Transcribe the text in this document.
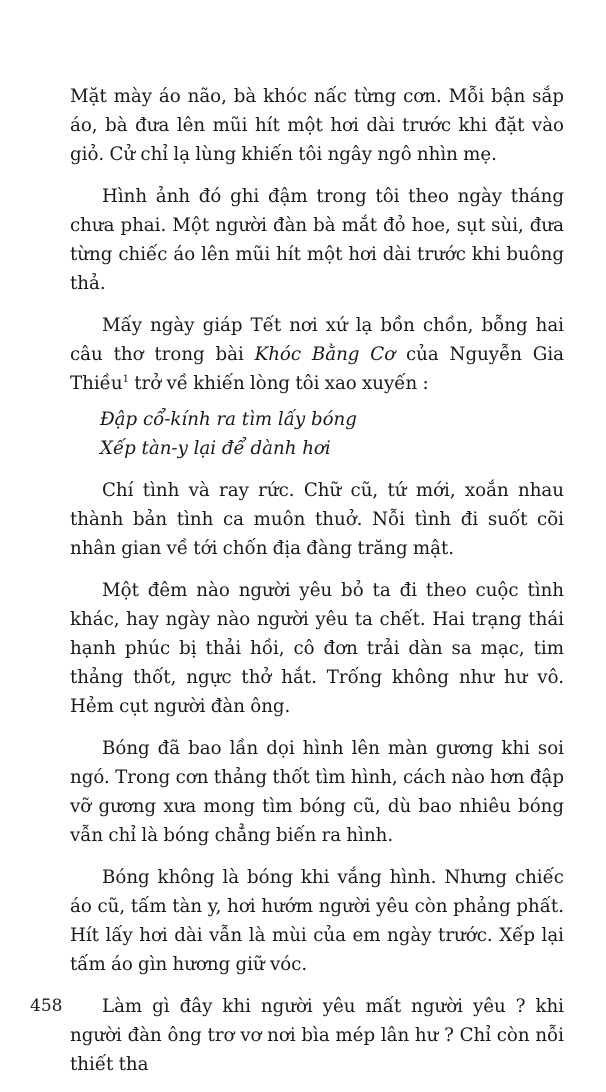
Mặt mày áo não, bà khóc nấc từng cơn. Mỗi bận sắp áo, bà đưa lên mũi hít một hơi dài trước khi đặt vào giỏ. Cử chỉ lạ lùng khiến tôi ngây ngô nhìn mẹ.

Hình ảnh đó ghi đậm trong tôi theo ngày tháng chưa phai. Một người đàn bà mắt đỏ hoe, sụt sùi, đưa từng chiếc áo lên mũi hít một hơi dài trước khi buông thả.

Mấy ngày giáp Tết nơi xứ lạ bồn chồn, bỗng hai câu thơ trong bài Khóc Bằng Cơ của Nguyễn Gia Thiều$^1$ trở về khiến lòng tôi xao xuyến :

Đập cổ-kính ra tìm lấy bóng
Xếp tàn-y lại để dành hơi

Chí tình và ray rức. Chữ cũ, tứ mới, xoắn nhau thành bản tình ca muôn thuở. Nỗi tình đi suốt cõi nhân gian về tới chốn địa đàng trăng mật.

Một đêm nào người yêu bỏ ta đi theo cuộc tình khác, hay ngày nào người yêu ta chết. Hai trạng thái hạnh phúc bị thải hồi, cô đơn trải dàn sa mạc, tim thảng thốt, ngực thở hắt. Trống không như hư vô. Hẻm cụt người đàn ông.

Bóng đã bao lần dọi hình lên màn gương khi soi ngó. Trong cơn thảng thốt tìm hình, cách nào hơn đập vỡ gương xưa mong tìm bóng cũ, dù bao nhiêu bóng vẫn chỉ là bóng chẳng biến ra hình.

Bóng không là bóng khi vắng hình. Nhưng chiếc áo cũ, tấm tàn y, hơi hướm người yêu còn phảng phất. Hít lấy hơi dài vẫn là mùi của em ngày trước. Xếp lại tấm áo gìn hương giữ vóc.

Làm gì đây khi người yêu mất người yêu ? khi người đàn ông trơ vơ nơi bìa mép lân hư ? Chỉ còn nỗi thiết tha

458
